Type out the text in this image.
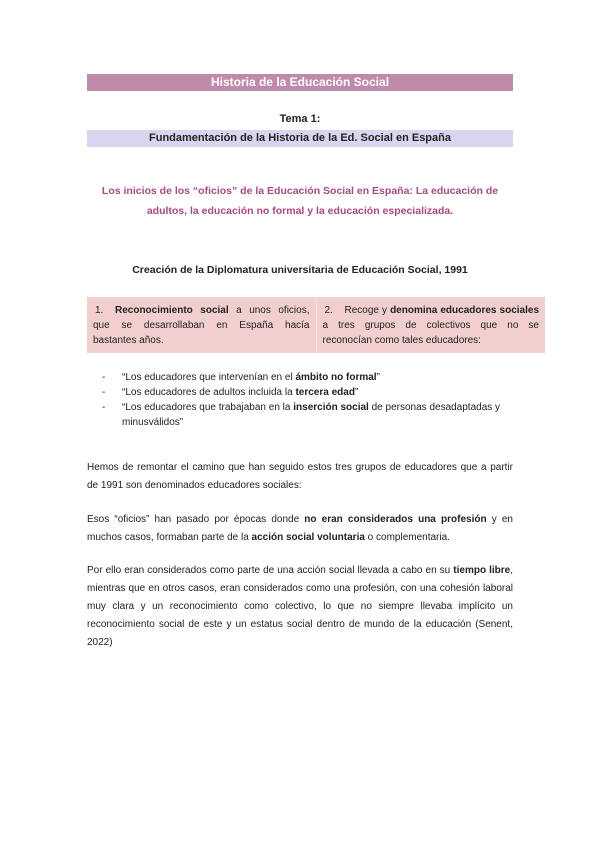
Historia de la Educación Social
Tema 1:
Fundamentación de la Historia de la Ed. Social en España
Los inicios de los “oficios” de la Educación Social en España: La educación de adultos, la educación no formal y la educación especializada.
Creación de la Diplomatura universitaria de Educación Social, 1991
1. Reconocimiento social a unos oficios, que se desarrollaban en España hacía bastantes años.
2. Recoge y denomina educadores sociales a tres grupos de colectivos que no se reconocían como tales educadores:
-	“Los educadores que intervenían en el ámbito no formal”
-	“Los educadores de adultos incluida la tercera edad”
-	“Los educadores que trabajaban en la inserción social de personas desadaptadas y minusválidos”
Hemos de remontar el camino que han seguido estos tres grupos de educadores que a partir de 1991 son denominados educadores sociales:
Esos “oficios” han pasado por épocas donde no eran considerados una profesión y en muchos casos, formaban parte de la acción social voluntaria o complementaria.
Por ello eran considerados como parte de una acción social llevada a cabo en su tiempo libre, mientras que en otros casos, eran considerados como una profesión, con una cohesión laboral muy clara y un reconocimiento como colectivo, lo que no siempre llevaba implícito un reconocimiento social de este y un estatus social dentro de mundo de la educación (Senent, 2022)
